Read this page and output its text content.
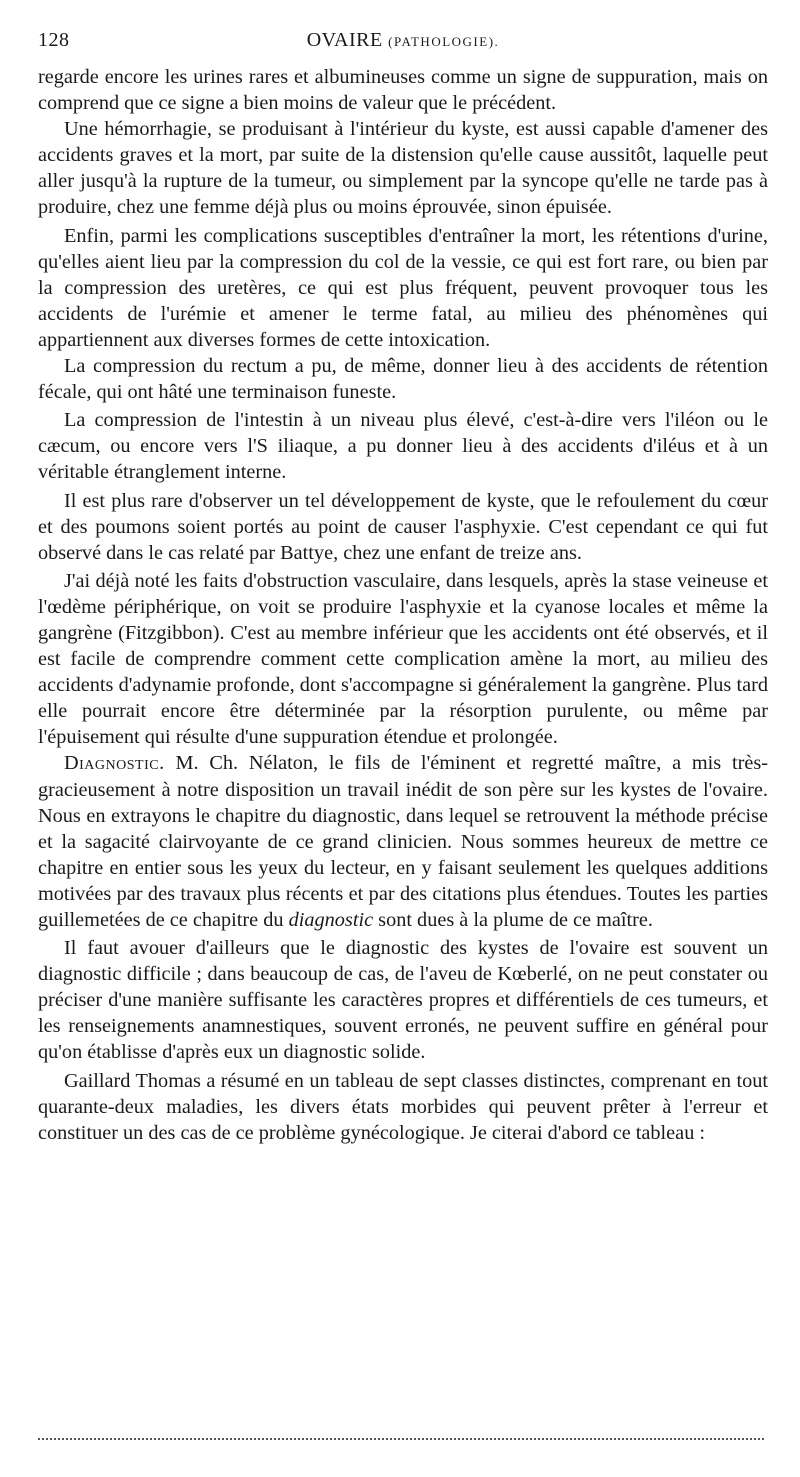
128	OVAIRE (PATHOLOGIE).

regarde encore les urines rares et albumineuses comme un signe de suppuration, mais on comprend que ce signe a bien moins de valeur que le précédent.

Une hémorrhagie, se produisant à l'intérieur du kyste, est aussi capable d'amener des accidents graves et la mort, par suite de la distension qu'elle cause aussitôt, laquelle peut aller jusqu'à la rupture de la tumeur, ou simplement par la syncope qu'elle ne tarde pas à produire, chez une femme déjà plus ou moins éprouvée, sinon épuisée.

Enfin, parmi les complications susceptibles d'entraîner la mort, les rétentions d'urine, qu'elles aient lieu par la compression du col de la vessie, ce qui est fort rare, ou bien par la compression des uretères, ce qui est plus fréquent, peuvent provoquer tous les accidents de l'urémie et amener le terme fatal, au milieu des phénomènes qui appartiennent aux diverses formes de cette intoxication.

La compression du rectum a pu, de même, donner lieu à des accidents de rétention fécale, qui ont hâté une terminaison funeste.

La compression de l'intestin à un niveau plus élevé, c'est-à-dire vers l'iléon ou le cæcum, ou encore vers l'S iliaque, a pu donner lieu à des accidents d'iléus et à un véritable étranglement interne.

Il est plus rare d'observer un tel développement de kyste, que le refoulement du cœur et des poumons soient portés au point de causer l'asphyxie. C'est cependant ce qui fut observé dans le cas relaté par Battye, chez une enfant de treize ans.

J'ai déjà noté les faits d'obstruction vasculaire, dans lesquels, après la stase veineuse et l'œdème périphérique, on voit se produire l'asphyxie et la cyanose locales et même la gangrène (Fitzgibbon). C'est au membre inférieur que les accidents ont été observés, et il est facile de comprendre comment cette complication amène la mort, au milieu des accidents d'adynamie profonde, dont s'accompagne si généralement la gangrène. Plus tard elle pourrait encore être déterminée par la résorption purulente, ou même par l'épuisement qui résulte d'une suppuration étendue et prolongée.

Diagnostic. M. Ch. Nélaton, le fils de l'éminent et regretté maître, a mis très-gracieusement à notre disposition un travail inédit de son père sur les kystes de l'ovaire. Nous en extrayons le chapitre du diagnostic, dans lequel se retrouvent la méthode précise et la sagacité clairvoyante de ce grand clinicien. Nous sommes heureux de mettre ce chapitre en entier sous les yeux du lecteur, en y faisant seulement les quelques additions motivées par des travaux plus récents et par des citations plus étendues. Toutes les parties guillemetées de ce chapitre du diagnostic sont dues à la plume de ce maître.

Il faut avouer d'ailleurs que le diagnostic des kystes de l'ovaire est souvent un diagnostic difficile ; dans beaucoup de cas, de l'aveu de Kœberlé, on ne peut constater ou préciser d'une manière suffisante les caractères propres et différentiels de ces tumeurs, et les renseignements anamnestiques, souvent erronés, ne peuvent suffire en général pour qu'on établisse d'après eux un diagnostic solide.

Gaillard Thomas a résumé en un tableau de sept classes distinctes, comprenant en tout quarante-deux maladies, les divers états morbides qui peuvent prêter à l'erreur et constituer un des cas de ce problème gynécologique. Je citerai d'abord ce tableau :
